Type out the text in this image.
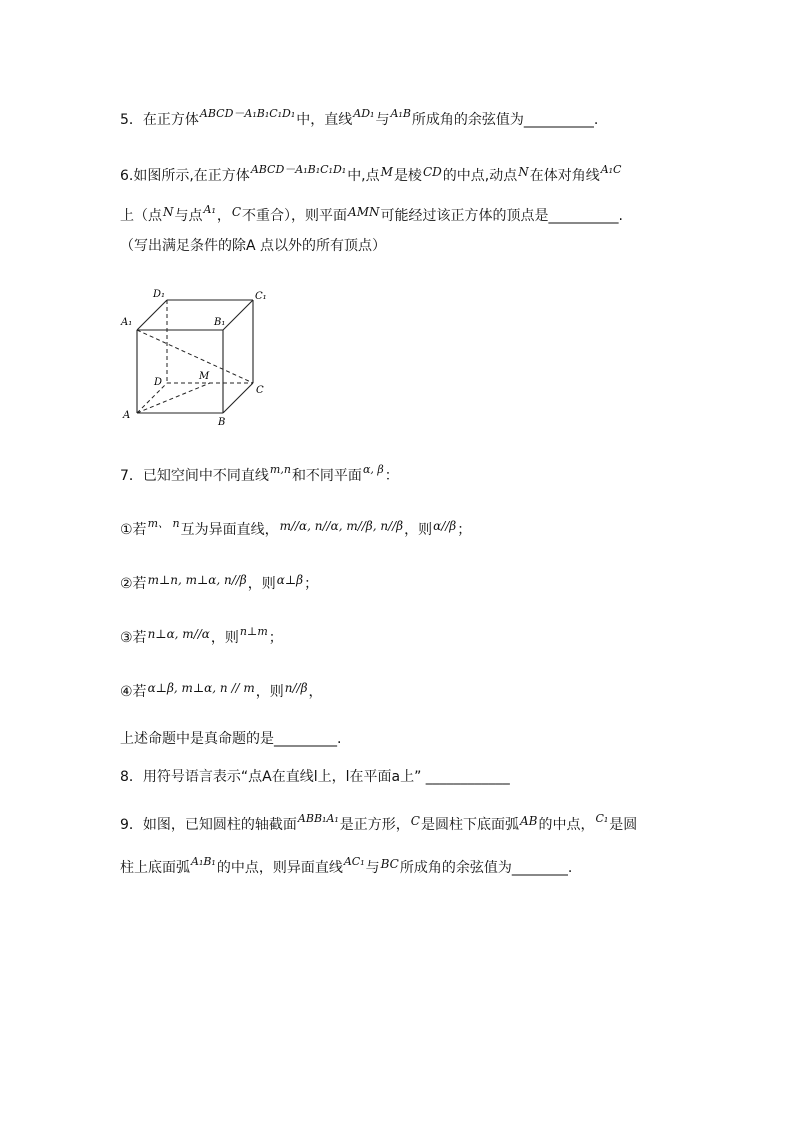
5．在正方体$^{ABCD-A_1B_1C_1D_1}$中，直线$^{AD_1}$与$^{A_1B}$所成角的余弦值为__________.
6.如图所示,在正方体$^{ABCD-A_1B_1C_1D_1}$中,点M是棱CD的中点,动点N在体对角线$^{A_1C}$
上（点N与点$^{A_1}$，C不重合），则平面AMN可能经过该正方体的顶点是__________.
（写出满足条件的除A 点以外的所有顶点）
D₁	C₁
A₁	B₁
D
M
C
A
B
7．已知空间中不同直线$^{m,n}$和不同平面$^{\alpha, \beta}$：
①若$^{m、 n}$互为异面直线，m//α, n//α, m//β, n//β，则α//β；
②若m⊥n, m⊥α, n//β，则α⊥β；
③若n⊥α, m//α，则$^{n\perp m}$；
④若α⊥β, m⊥α, n // m，则n//β，
上述命题中是真命题的是_________.
8．用符号语言表示“点A在直线l上，l在平面a上” ____________
9．如图，已知圆柱的轴截面$^{ABB_1A_1}$是正方形，C是圆柱下底面弧AB的中点，$^{C_1}$是圆
柱上底面弧$^{A_1B_1}$的中点，则异面直线$^{AC_1}$与BC所成角的余弦值为________.
